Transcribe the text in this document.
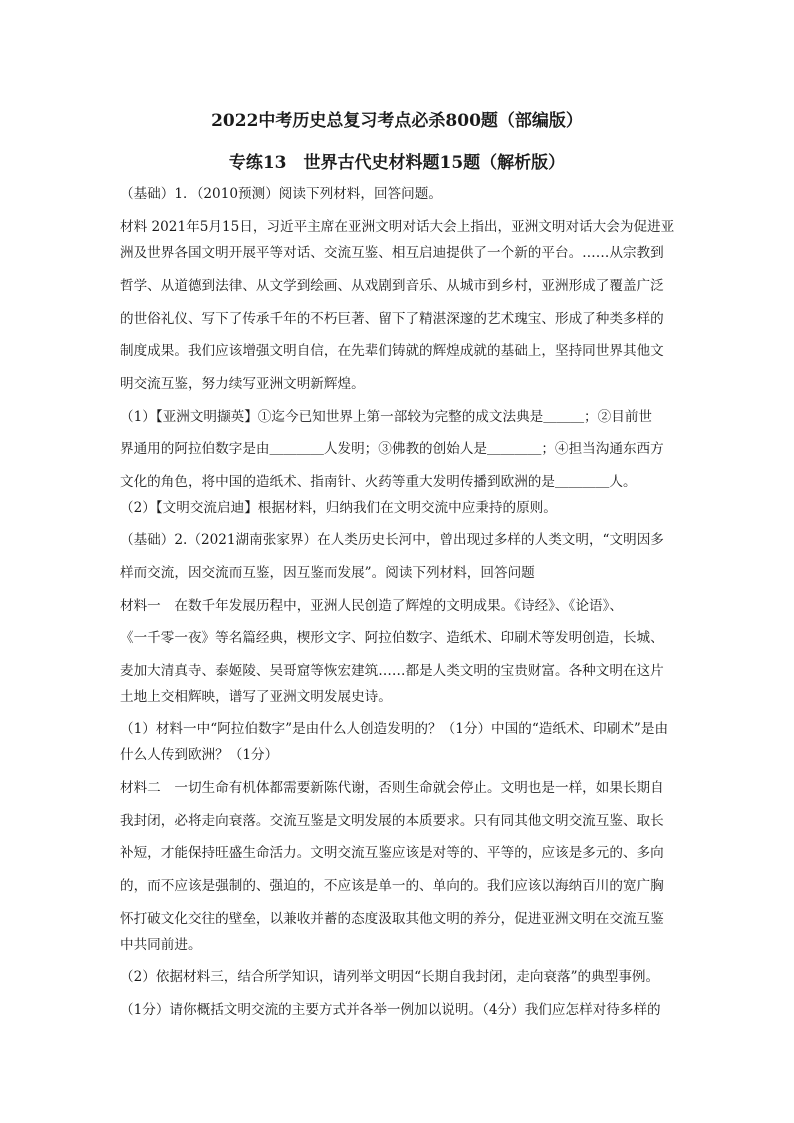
2022中考历史总复习考点必杀800题（部编版）
专练13　世界古代史材料题15题（解析版）
（基础）1．（2010预测）阅读下列材料，回答问题。
材料 2021年5月15日，习近平主席在亚洲文明对话大会上指出，亚洲文明对话大会为促进亚
洲及世界各国文明开展平等对话、交流互鉴、相互启迪提供了一个新的平台。……从宗教到
哲学、从道德到法律、从文学到绘画、从戏剧到音乐、从城市到乡村，亚洲形成了覆盖广泛
的世俗礼仪、写下了传承千年的不朽巨著、留下了精湛深邃的艺术瑰宝、形成了种类多样的
制度成果。我们应该增强文明自信，在先辈们铸就的辉煌成就的基础上，坚持同世界其他文
明交流互鉴，努力续写亚洲文明新辉煌。
（1）【亚洲文明撷英】①迄今已知世界上第一部较为完整的成文法典是＿＿＿；②目前世
界通用的阿拉伯数字是由＿＿＿＿人发明；③佛教的创始人是＿＿＿＿；④担当沟通东西方
文化的角色，将中国的造纸术、指南针、火药等重大发明传播到欧洲的是＿＿＿＿人。
（2）【文明交流启迪】根据材料，归纳我们在文明交流中应秉持的原则。
（基础）2.（2021湖南张家界）在人类历史长河中，曾出现过多样的人类文明，“文明因多
样而交流，因交流而互鉴，因互鉴而发展”。阅读下列材料，回答问题
材料一　在数千年发展历程中，亚洲人民创造了辉煌的文明成果。《诗经》、《论语》、
《一千零一夜》等名篇经典，楔形文字、阿拉伯数字、造纸术、印刷术等发明创造，长城、
麦加大清真寺、泰姬陵、吴哥窟等恢宏建筑……都是人类文明的宝贵财富。各种文明在这片
土地上交相辉映，谱写了亚洲文明发展史诗。
（1）材料一中“阿拉伯数字”是由什么人创造发明的？（1分）中国的“造纸术、印刷术”是由
什么人传到欧洲？（1分）
材料二　一切生命有机体都需要新陈代谢，否则生命就会停止。文明也是一样，如果长期自
我封闭，必将走向衰落。交流互鉴是文明发展的本质要求。只有同其他文明交流互鉴、取长
补短，才能保持旺盛生命活力。文明交流互鉴应该是对等的、平等的，应该是多元的、多向
的，而不应该是强制的、强迫的，不应该是单一的、单向的。我们应该以海纳百川的宽广胸
怀打破文化交往的壁垒，以兼收并蓄的态度汲取其他文明的养分，促进亚洲文明在交流互鉴
中共同前进。
（2）依据材料三，结合所学知识，请列举文明因“长期自我封闭，走向衰落”的典型事例。
（1分）请你概括文明交流的主要方式并各举一例加以说明。（4分）我们应怎样对待多样的
